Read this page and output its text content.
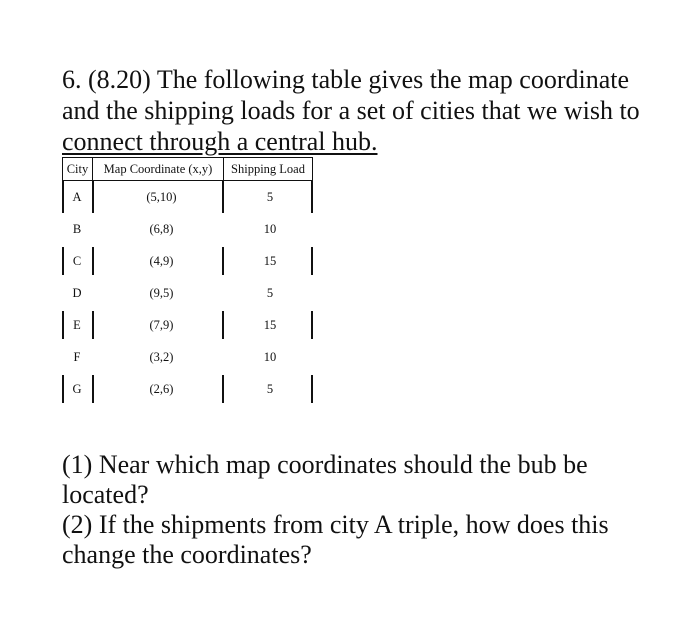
6. (8.20) The following table gives the map coordinate
and the shipping loads for a set of cities that we wish to
connect through a central hub.
City	Map Coordinate (x,y)	Shipping Load
A	(5,10)	5
B	(6,8)	10
C	(4,9)	15
D	(9,5)	5
E	(7,9)	15
F	(3,2)	10
G	(2,6)	5
(1) Near which map coordinates should the bub be
located?
(2) If the shipments from city A triple, how does this
change the coordinates?
